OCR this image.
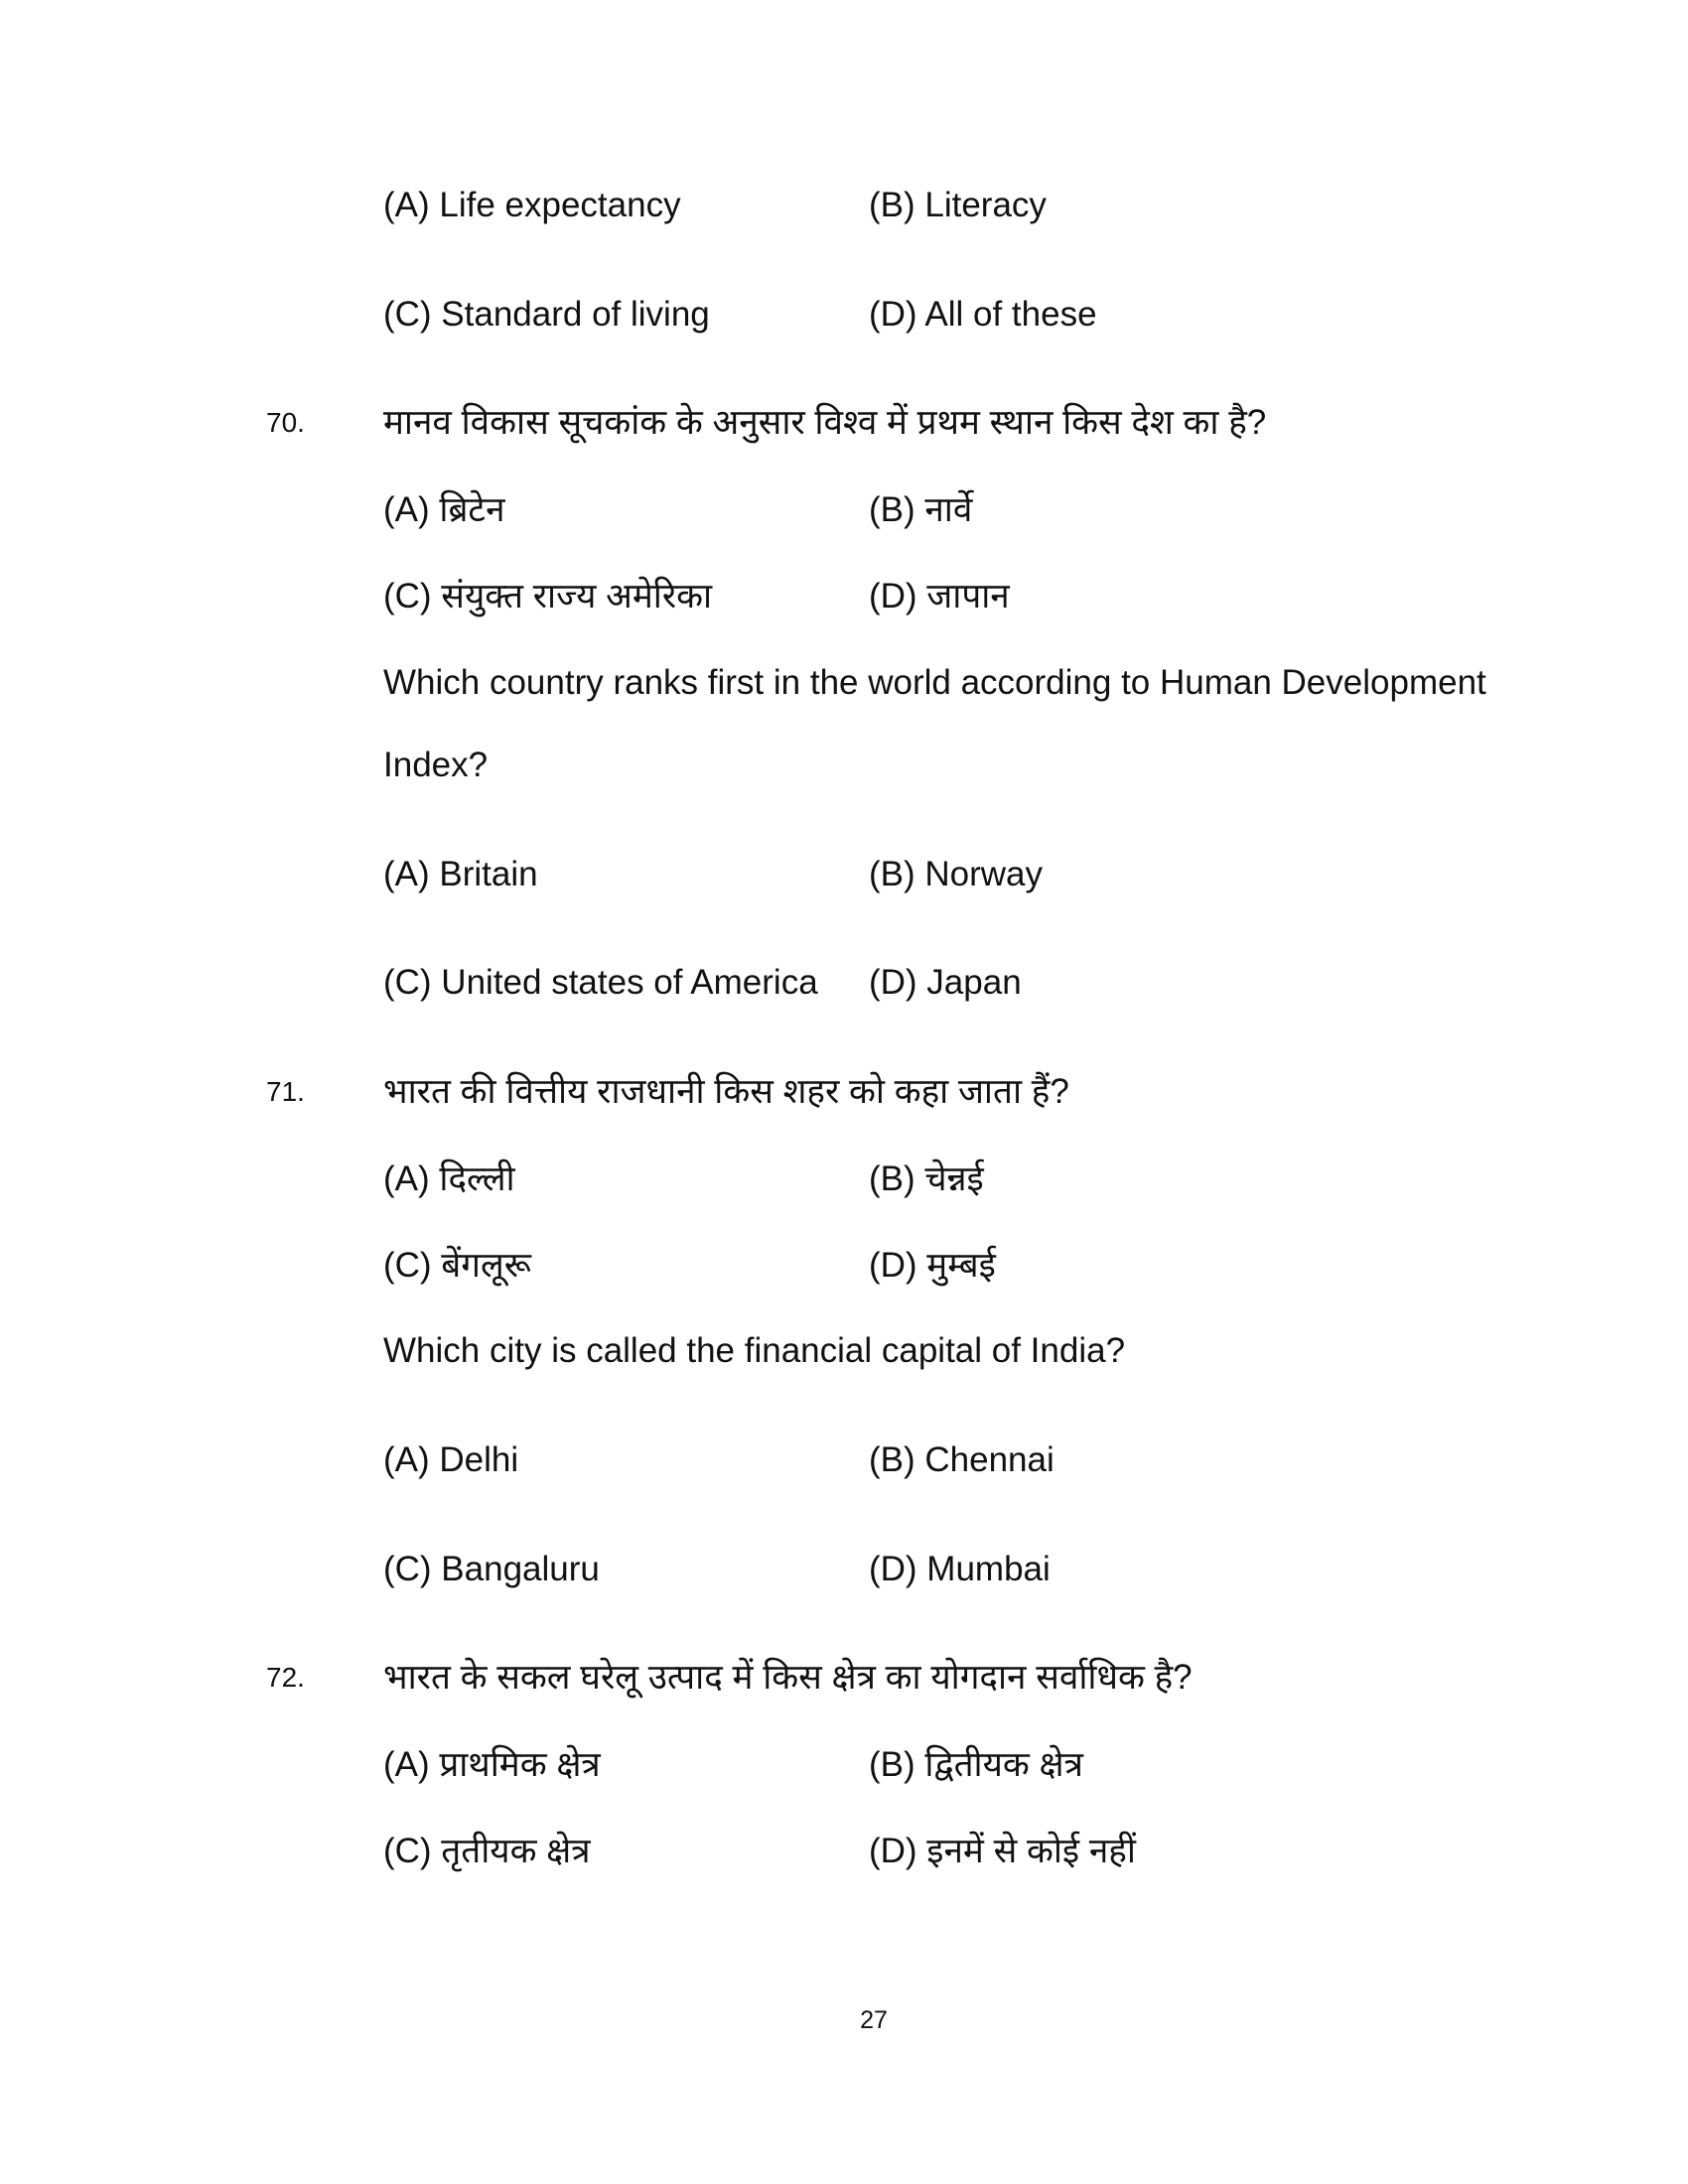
(A) Life expectancy	(B) Literacy
(C) Standard of living	(D) All of these
70. मानव विकास सूचकांक के अनुसार विश्व में प्रथम स्थान किस देश का है?
(A) ब्रिटेन	(B) नार्वे
(C) संयुक्त राज्य अमेरिका	(D) जापान
Which country ranks first in the world according to Human Development
Index?
(A) Britain	(B) Norway
(C) United states of America (D) Japan
71. भारत की वित्तीय राजधानी किस शहर को कहा जाता हैं?
(A) दिल्ली	(B) चेन्नई
(C) बेंगलूरू	(D) मुम्बई
Which city is called the financial capital of India?
(A) Delhi	(B) Chennai
(C) Bangaluru	(D) Mumbai
72. भारत के सकल घरेलू उत्पाद में किस क्षेत्र का योगदान सर्वाधिक है?
(A) प्राथमिक क्षेत्र	(B) द्वितीयक क्षेत्र
(C) तृतीयक क्षेत्र	(D) इनमें से कोई नहीं
27
